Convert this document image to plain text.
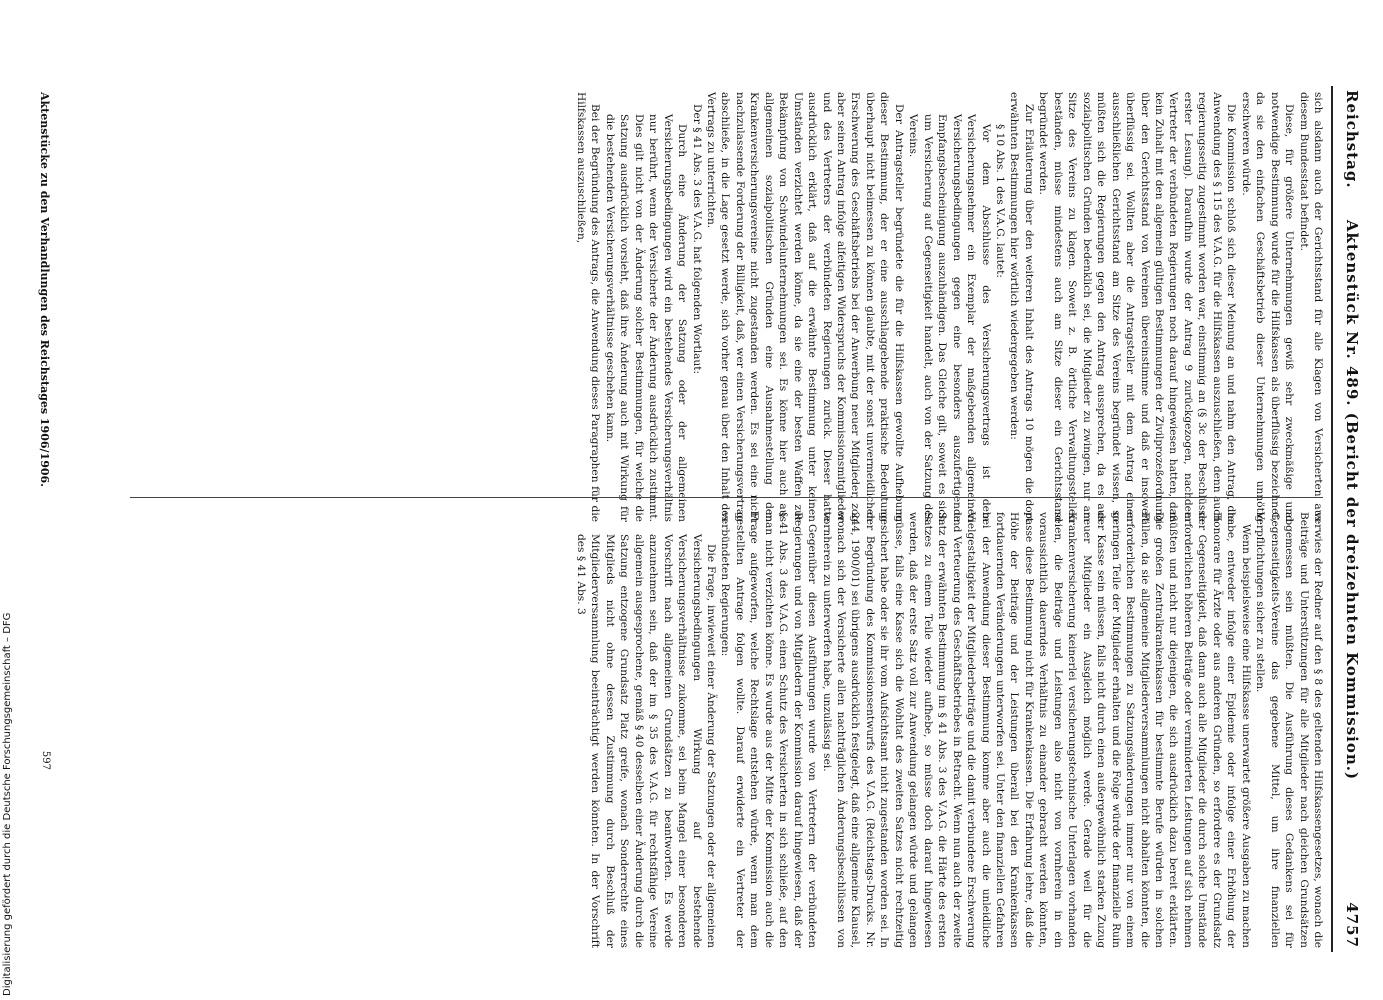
Reichstag.
Aktenstück Nr. 489. (Bericht der dreizehnten Kommission.)
4757

sich alsdann auch der Gerichtsstand für alle Klagen von Versicherten aus diesem Bundesstaat befindet.

Diese, für größere Unternehmungen gewiß sehr zweckmäßige und notwendige Bestimmung wurde für die Hilfskassen als überflüssig bezeichnet, da sie den einfachen Geschäftsbetrieb dieser Unternehmungen unnötig erschweren würde.

Die Kommission schloß sich dieser Meinung an und nahm den Antrag, die Anwendung des § 115 des V.A.G. für die Hilfskassen auszuschließen, denn auch regierungsseitig zugestimmt worden war, einstimmig an (§ 3c der Beschlüsse erster Lesung). Daraufhin wurde der Antrag 9 zurückgezogen, nachdem Vertreter der verbündeten Regierungen noch darauf hingewiesen hatten, daß kein Zuhalt mit den allgemein gültigen Bestimmungen der Zivilprozeßordnung über den Gerichtsstand von Vereinen übereinstimme und daß er insoweit überflüssig sei. Wollten aber die Antragsteller mit dem Antrag einen ausschließlichen Gerichtsstand am Sitze des Vereins begründet wissen, so müßten sich die Regierungen gegen den Antrag aussprechen, da es aus sozialpolitischen Gründen bedenklich sei, die Mitglieder zu zwingen, nur am Sitze des Vereins zu klagen. Soweit z. B. örtliche Verwaltungsstellen beständen, müsse mindestens auch am Sitze dieser ein Gerichtsstand begründet werden.

Zur Erläuterung über den weiteren Inhalt des Antrags 10 mögen die dort erwähnten Bestimmungen hier wörtlich wiedergegeben werden:

§ 10 Abs. 1 des V.A.G. lautet:

Vor dem Abschlusse des Versicherungsvertrags ist dem Versicherungsnehmer ein Exemplar der maßgebenden allgemeinen Versicherungsbedingungen gegen eine besonders auszufertigende Empfangsbescheinigung auszuhändigen. Das Gleiche gilt, soweit es sich um Versicherung auf Gegenseitigkeit handelt, auch von der Satzung des Vereins.

Der Antragsteller begründete die für die Hilfskassen gewollte Aufhebung dieser Bestimmung, der er eine ausschlaggebende praktische Bedeutung überhaupt nicht beimessen zu können glaubte, mit der sonst unvermeidlichen Erschwerung des Geschäftsbetriebs bei der Anwerbung neuer Mitglieder, zog aber seinen Antrag infolge alfeitigen Widerspruchs der Kommissionsmitglieder und des Vertreters der verbündeten Regierungen zurück. Dieser hatte ausdrücklich erklärt, daß auf die erwähnte Bestimmung unter keinen Umständen verzichtet werden könne, da sie eine der besten Waffen zur Bekämpfung von Schwindelunternehmungen sei. Es könne hier auch aus allgemeinen sozialpolitischen Gründen eine Ausnahmestellung den Krankenversicherungsvereine nicht zugestanden werden. Es sei eine nicht nachzulassende Forderung der Billigkeit, daß, wer einen Versicherungsvertrag abschließe, in die Lage gesetzt werde, sich vorher genau über den Inhalt des Vertrags zu unterrichten.

Der § 41 Abs. 3 des V.A.G. hat folgenden Wortlaut:

Durch eine Änderung der Satzung oder der allgemeinen Versicherungsbedingungen wird ein bestehendes Versicherungsverhältnis nur berührt, wenn der Versicherte der Änderung ausdrücklich zustimmt. Dies gilt nicht von der Änderung solcher Bestimmungen, für welche die Satzung ausdrücklich vorsieht, daß ihre Änderung auch mit Wirkung für die bestehenden Versicherungsverhältnisse geschehen kann.

Bei der Begründung des Antrags, die Anwendung dieses Paragraphen für die Hilfskassen auszuschließen,

verwies der Redner auf den § 8 des geltenden Hilfskassengesetzes, wonach die Beiträge und Unterstützungen für alle Mitglieder nach gleichen Grundsätzen abgemessen sein müßten. Die Ausführung dieses Gedankens sei für Gegenseitigkeits-Vereine das gegebene Mittel, um ihre finanziellen Verpflichtungen sicher zu stellen.

Wenn beispielsweise eine Hilfskasse unerwartet größere Ausgaben zu machen habe, entweder infolge einer Epidemie oder infolge einer Erhöhung der Honorare für Ärzte oder aus anderen Gründen, so erfordere es der Grundsatz der Gegenseitigkeit, daß dann auch alle Mitglieder die durch solche Umstände erforderlichen höheren Beiträge oder verminderten Leistungen auf sich nehmen müßten und nicht nur diejenigen, die sich ausdrücklich dazu bereit erklärten. Die großen Zentralkrankenkassen für bestimmte Berufe würden in solchen Fällen, da sie allgemeine Mitgliederversammlungen nicht abhalten könnten, die erforderlichen Bestimmungen zu Satzungsänderungen immer nur von einem geringen Teile der Mitglieder erhalten und die Folge würde der finanzielle Ruin der Kasse sein müssen, falls nicht durch einen außergewöhnlich starken Zuzug neuer Mitglieder ein Ausgleich möglich werde. Gerade weil für die Krankenversicherung keinerlei versicherungstechnische Unterlagen vorhanden seien, die Beiträge und Leistungen also nicht von vornherein in ein voraussichtlich dauerndes Verhältnis zu einander gebracht werden könnten, passe diese Bestimmung nicht für Krankenkassen. Die Erfahrung lehre, daß die Höhe der Beiträge und der Leistungen überall bei den Krankenkassen fortdauernden Veränderungen unterworfen sei. Unter den finanziellen Gefahren bei der Anwendung dieser Bestimmung komme aber auch die unleidliche Vielgestaltigkeit der Mitgliederbeiträge und die damit verbundene Erschwerung und Verteuerung des Geschäftsbetriebes in Betracht. Wenn nun auch der zweite Satz der erwähnten Bestimmung im § 41 Abs. 3 des V.A.G. die Härte des ersten Satzes zu einem Teile wieder aufhebe, so müsse doch darauf hingewiesen werden, daß der erste Satz voll zur Anwendung gelangen würde und gelangen müsse, falls eine Kasse sich die Wohltat des zweiten Satzes nicht rechtzeitig gesichert habe oder sie ihr vom Aufsichtsamt nicht zugestanden worden sei. In der Begründung des Kommissionsentwurfs des V.A.G. (Reichstags-Drucks. Nr. 244, 1900/01) sei übrigens ausdrücklich festgelegt, daß eine allgemeine Klausel, wonach sich der Versicherte allen nachträglichen Änderungsbeschlüssen von vornherein zu unterwerfen habe, unzulässig sei.

Gegenüber diesen Ausführungen wurde von Vertretern der verbündeten Regierungen und von Mitgliedern der Kommission darauf hingewiesen, daß der § 41 Abs. 3 des V.A.G. einen Schutz des Versicherten in sich schließe, auf den man nicht verzichten könne. Es wurde aus der Mitte der Kommission auch die Frage aufgeworfen, welche Rechtslage entstehen würde, wenn man dem gestellten Antrage folgen wollte. Darauf erwiderte ein Vertreter der verbündeten Regierungen:

Die Frage, inwieweit einer Änderung der Satzungen oder der allgemeinen Versicherungsbedingungen Wirkung auf bestehende Versicherungsverhältnisse zukomme, sei beim Mangel einer besonderen Vorschrift nach allgemeinen Grundsätzen zu beantworten. Es werde anzunehmen sein, daß der im § 35 des V.A.G. für rechtsfähige Vereine allgemein ausgesprochene, gemäß § 40 desselben einer Änderung durch die Satzung entzogene Grundsatz Platz greife, wonach Sonderrechte eines Mitglieds nicht ohne dessen Zustimmung durch Beschluß der Mitgliederversammlung beeinträchtigt werden könnten. In der Vorschrift des § 41 Abs. 3

Aktenstücke zu den Verhandlungen des Reichstages 1906/1906.
597
Digitalisierung gefördert durch die Deutsche Forschungsgemeinschaft – DFG
